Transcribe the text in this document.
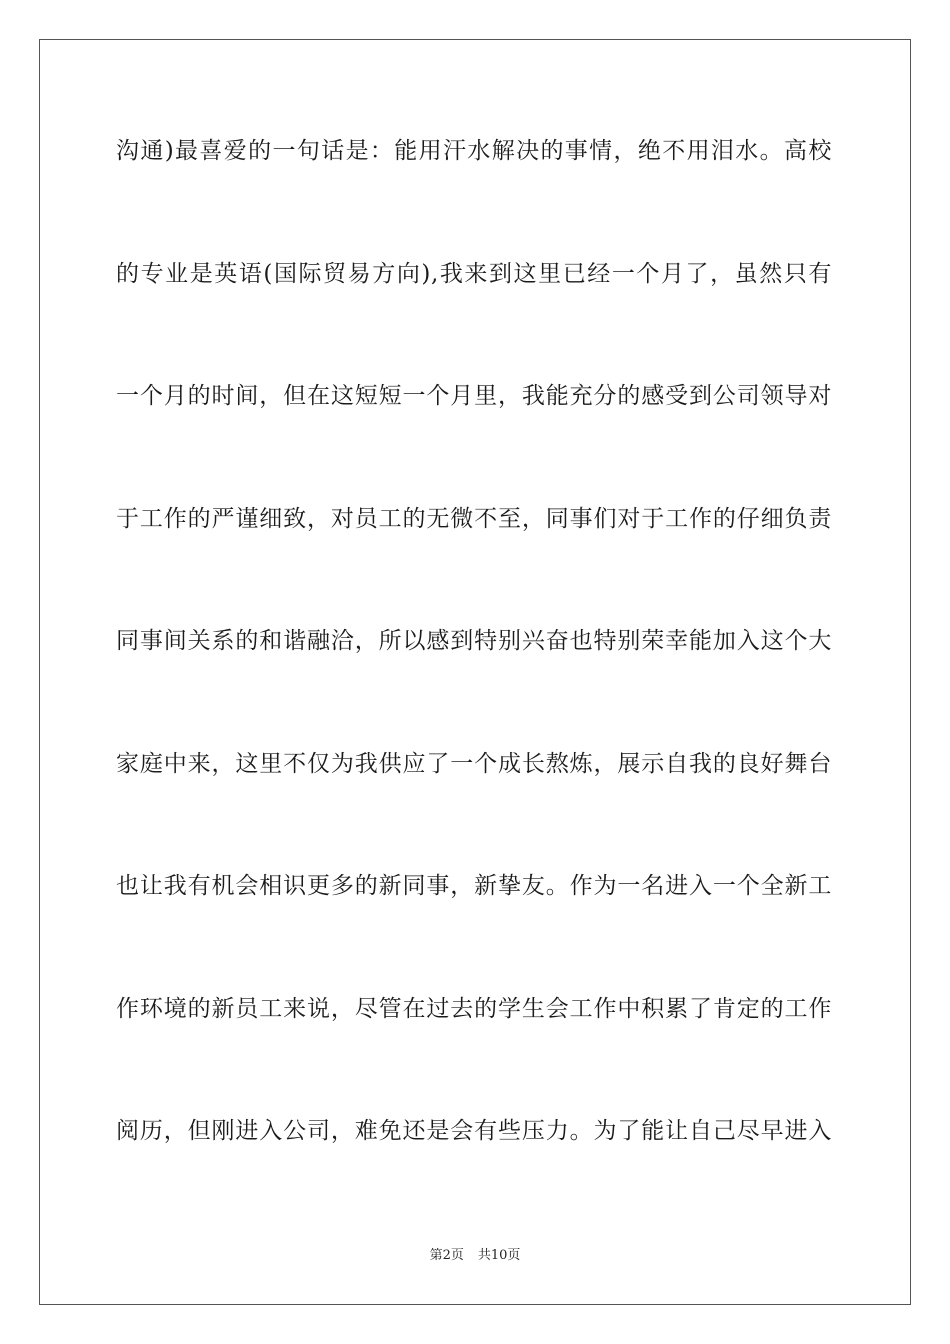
沟通)最喜爱的一句话是：能用汗水解决的事情，绝不用泪水。高校
的专业是英语(国际贸易方向),我来到这里已经一个月了，虽然只有
一个月的时间，但在这短短一个月里，我能充分的感受到公司领导对
于工作的严谨细致，对员工的无微不至，同事们对于工作的仔细负责
同事间关系的和谐融洽，所以感到特别兴奋也特别荣幸能加入这个大
家庭中来，这里不仅为我供应了一个成长熬炼，展示自我的良好舞台
也让我有机会相识更多的新同事，新挚友。作为一名进入一个全新工
作环境的新员工来说，尽管在过去的学生会工作中积累了肯定的工作
阅历，但刚进入公司，难免还是会有些压力。为了能让自己尽早进入
第2页 共10页
